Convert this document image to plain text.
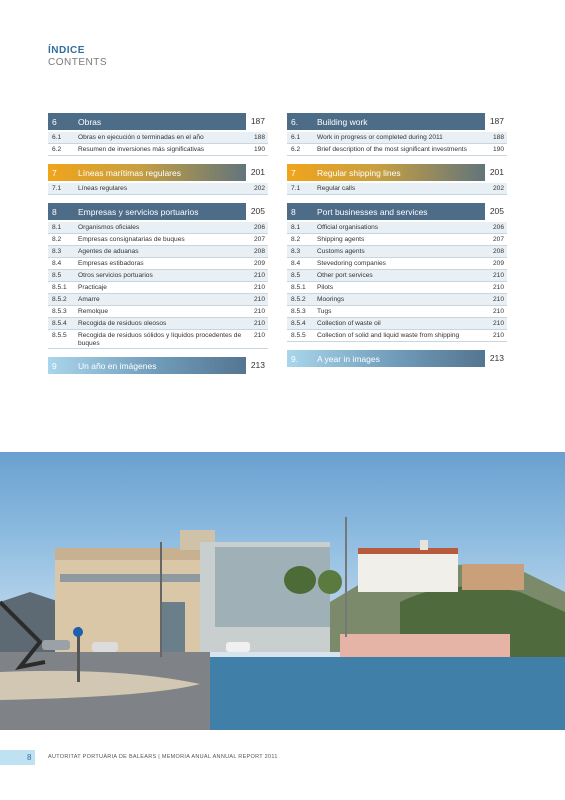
ÍNDICE
CONTENTS
6	Obras	187
6.1	Obras en ejecución o terminadas en el año	188
6.2	Resumen de inversiones más significativas	190
7	Líneas marítimas regulares	201
7.1	Líneas regulares	202
8	Empresas y servicios portuarios	205
8.1	Organismos oficiales	206
8.2	Empresas consignatarias de buques	207
8.3	Agentes de aduanas	208
8.4	Empresas estibadoras	209
8.5	Otros servicios portuarios	210
8.5.1	Practicaje	210
8.5.2	Amarre	210
8.5.3	Remolque	210
8.5.4	Recogida de residuos oleosos	210
8.5.5	Recogida de residuos sólidos y líquidos procedentes de buques
210
9	Un año en imágenes	213
6.	Building work	187
6.1	Work in progress or completed during 2011	188
6.2	Brief description of the most significant investments	190
7	Regular shipping lines	201
7.1	Regular calls	202
8	Port businesses and services	205
8.1	Official organisations	206
8.2	Shipping agents	207
8.3	Customs agents	208
8.4	Stevedoring companies	209
8.5	Other port services	210
8.5.1	Pilots	210
8.5.2	Moorings	210
8.5.3	Tugs	210
8.5.4	Collection of waste oil	210
8.5.5	Collection of solid and liquid waste from shipping	210
9.	A year in images	213
8	AUTORITAT PORTUÀRIA DE BALEARS | MEMORIA ANUAL ANNUAL REPORT 2011
